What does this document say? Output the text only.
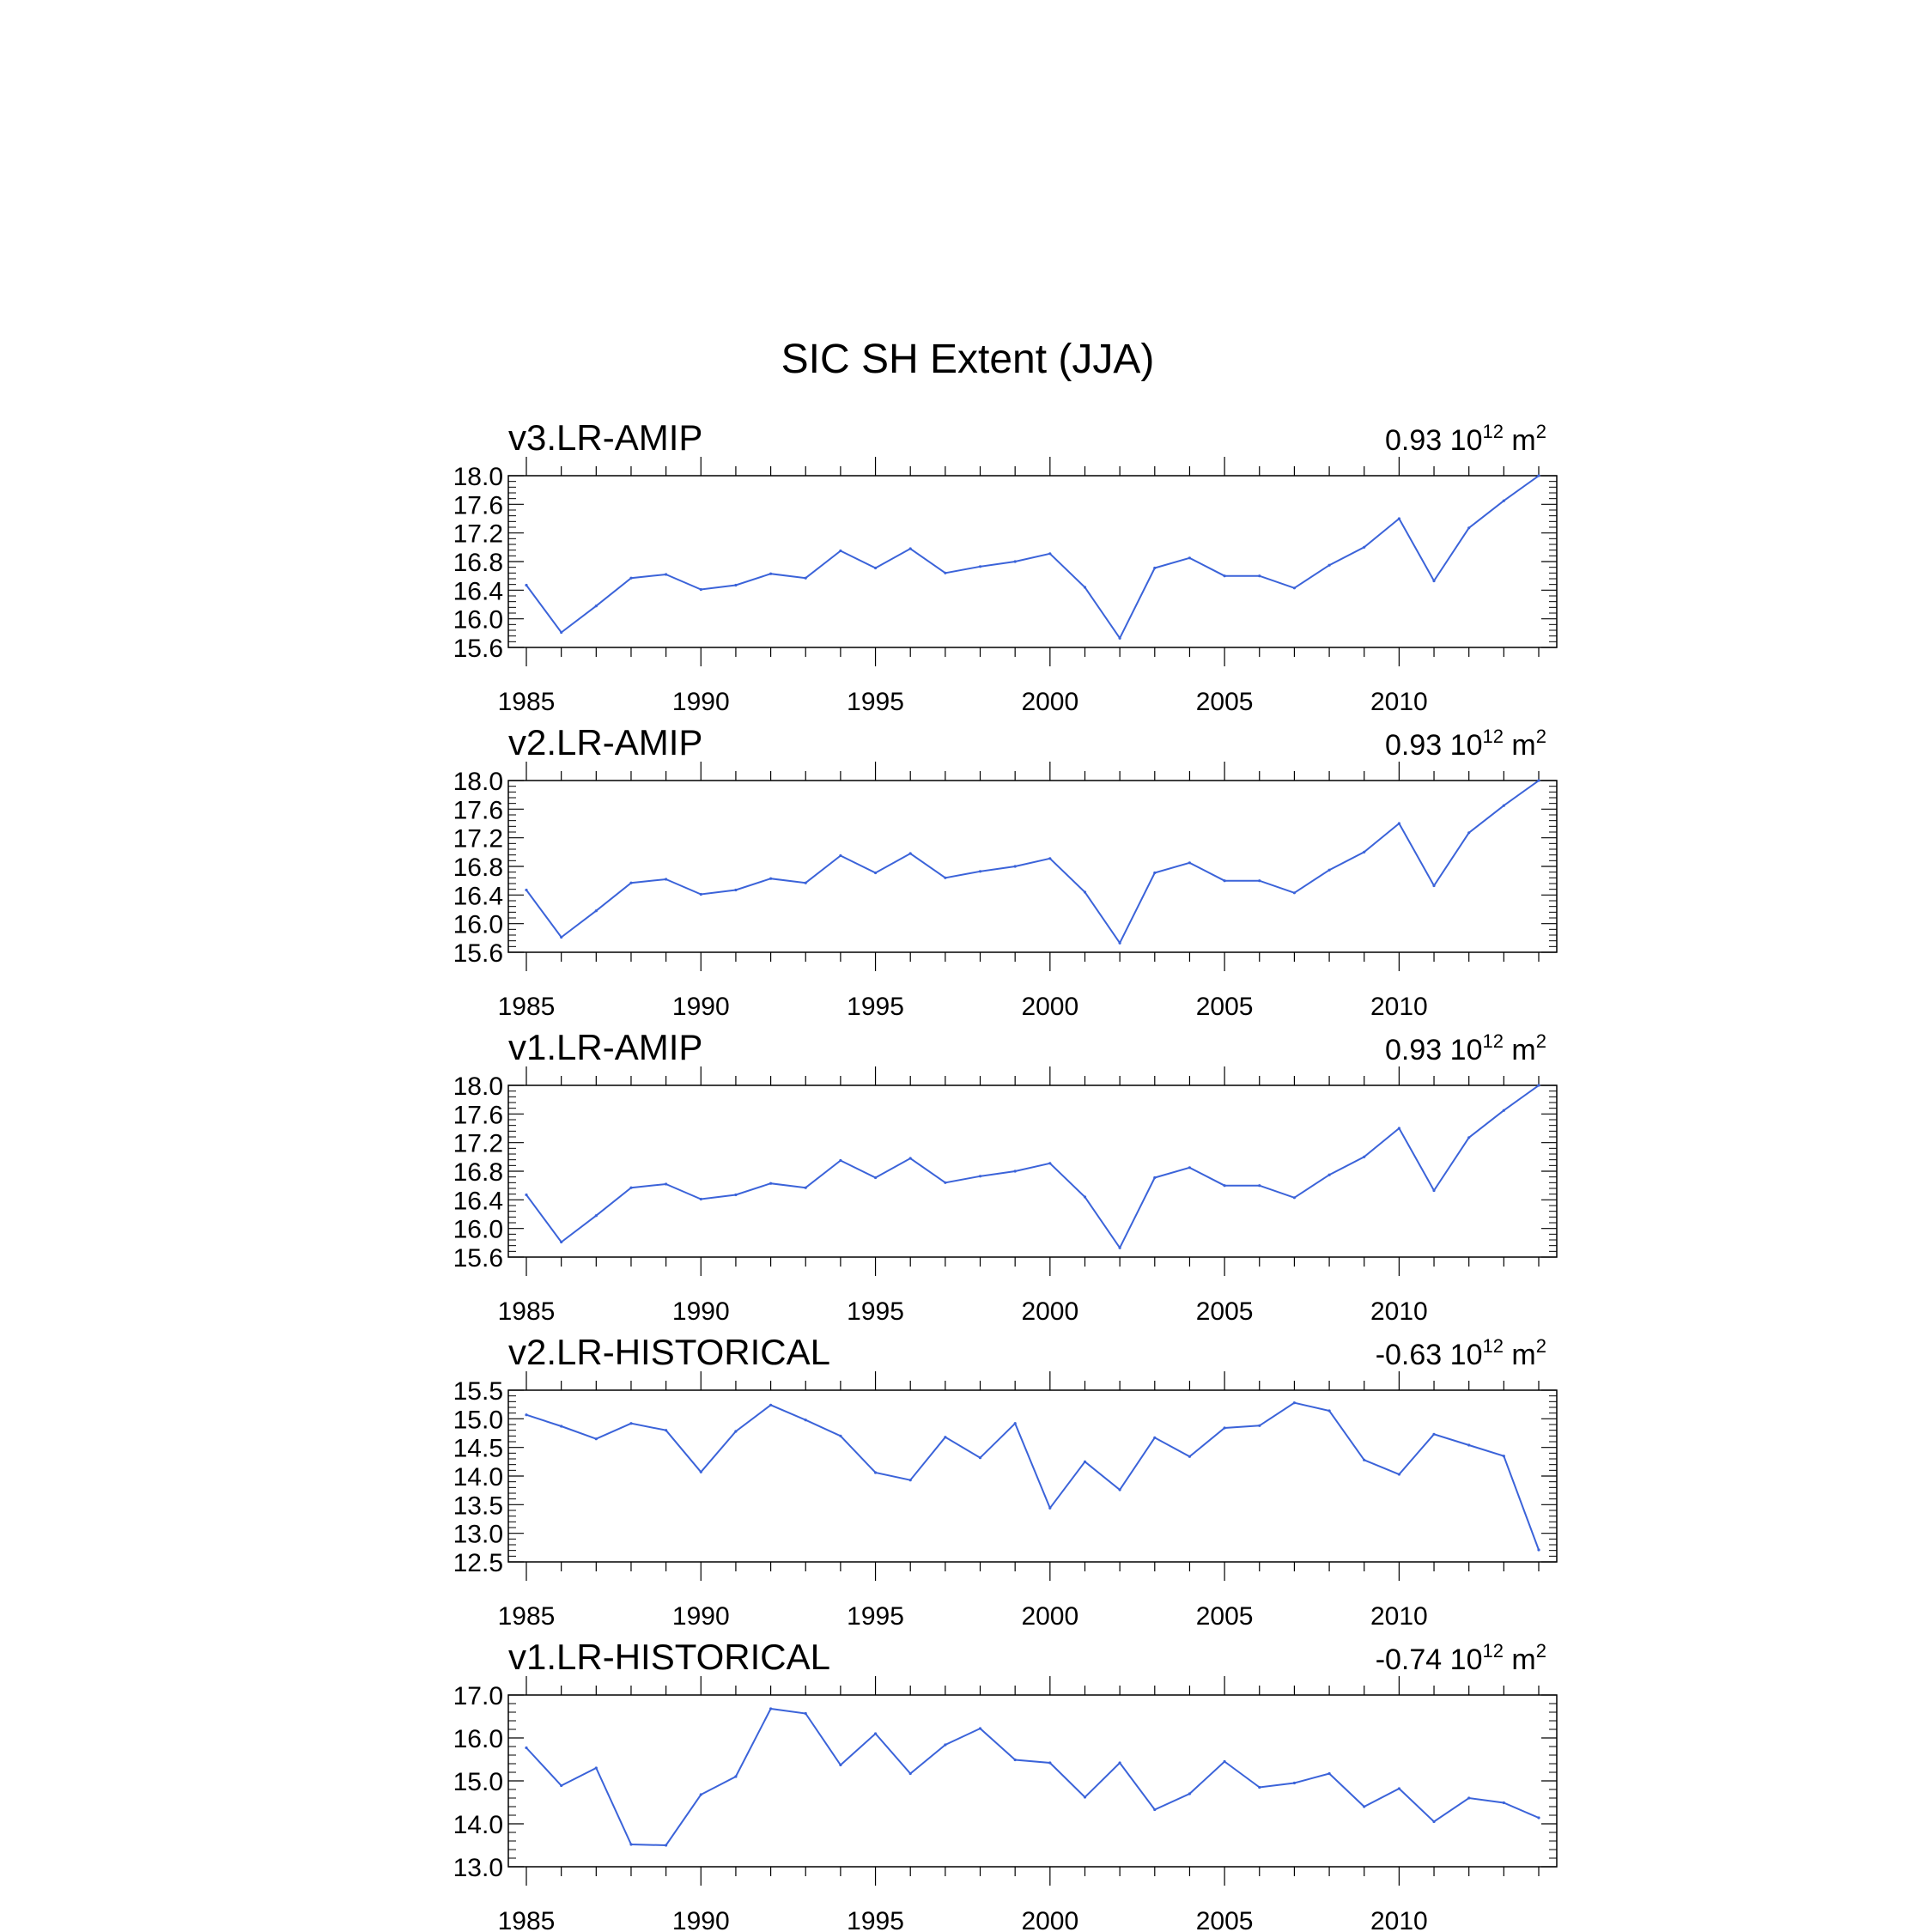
SIC SH Extent (JJA)
1985	1990	1995	2000	2005	2010
15.6
16.0
16.4
16.8
17.2
17.6
18.0
v3.LR-AMIP	0.93 $10^{12}$ $m^2$
1985	1990	1995	2000	2005	2010
15.6
16.0
16.4
16.8
17.2
17.6
18.0
v2.LR-AMIP	0.93 $10^{12}$ $m^2$
1985	1990	1995	2000	2005	2010
15.6
16.0
16.4
16.8
17.2
17.6
18.0
v1.LR-AMIP	0.93 $10^{12}$ $m^2$
1985	1990	1995	2000	2005	2010
12.5
13.0
13.5
14.0
14.5
15.0
15.5
v2.LR-HISTORICAL	-0.63 $10^{12}$ $m^2$
1985	1990	1995	2000	2005	2010
13.0
14.0
15.0
16.0
17.0
v1.LR-HISTORICAL	-0.74 $10^{12}$ $m^2$
